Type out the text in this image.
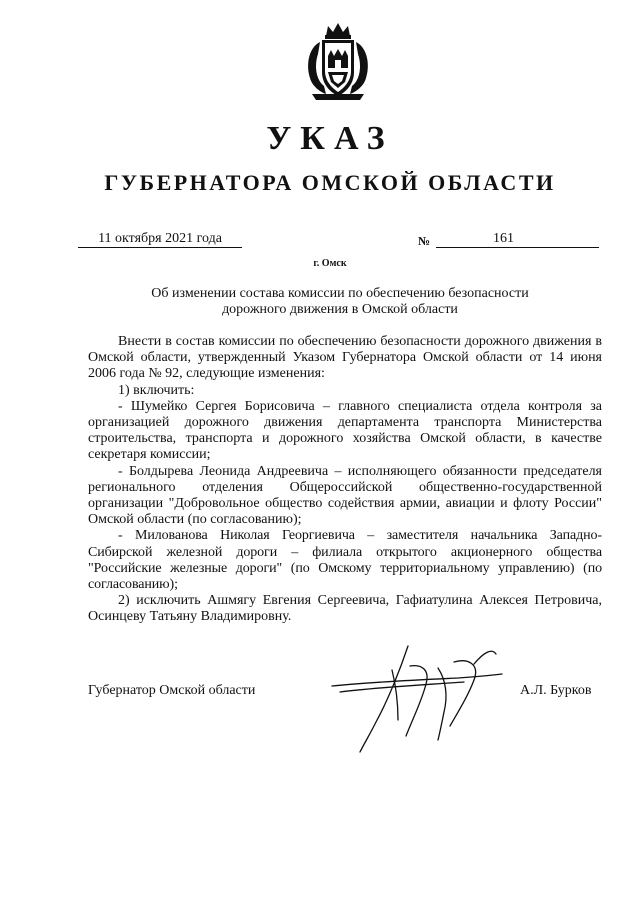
УКАЗ
ГУБЕРНАТОРА ОМСКОЙ ОБЛАСТИ
11 октября 2021 года	№	161
г. Омск
Об изменении состава комиссии по обеспечению безопасности
дорожного движения в Омской области

Внести в состав комиссии по обеспечению безопасности дорожного движения в Омской области, утвержденный Указом Губернатора Омской области от 14 июня 2006 года № 92, следующие изменения:

1) включить:

- Шумейко Сергея Борисовича – главного специалиста отдела контроля за организацией дорожного движения департамента транспорта Министерства строительства, транспорта и дорожного хозяйства Омской области, в качестве секретаря комиссии;

- Болдырева Леонида Андреевича – исполняющего обязанности председателя регионального отделения Общероссийской общественно-государственной организации "Добровольное общество содействия армии, авиации и флоту России" Омской области (по согласованию);

- Милованова Николая Георгиевича – заместителя начальника Западно-Сибирской железной дороги – филиала открытого акционерного общества "Российские железные дороги" (по Омскому территориальному управлению) (по согласованию);

2) исключить Ашмягу Евгения Сергеевича, Гафиатулина Алексея Петровича, Осинцеву Татьяну Владимировну.

Губернатор Омской области	А.Л. Бурков
